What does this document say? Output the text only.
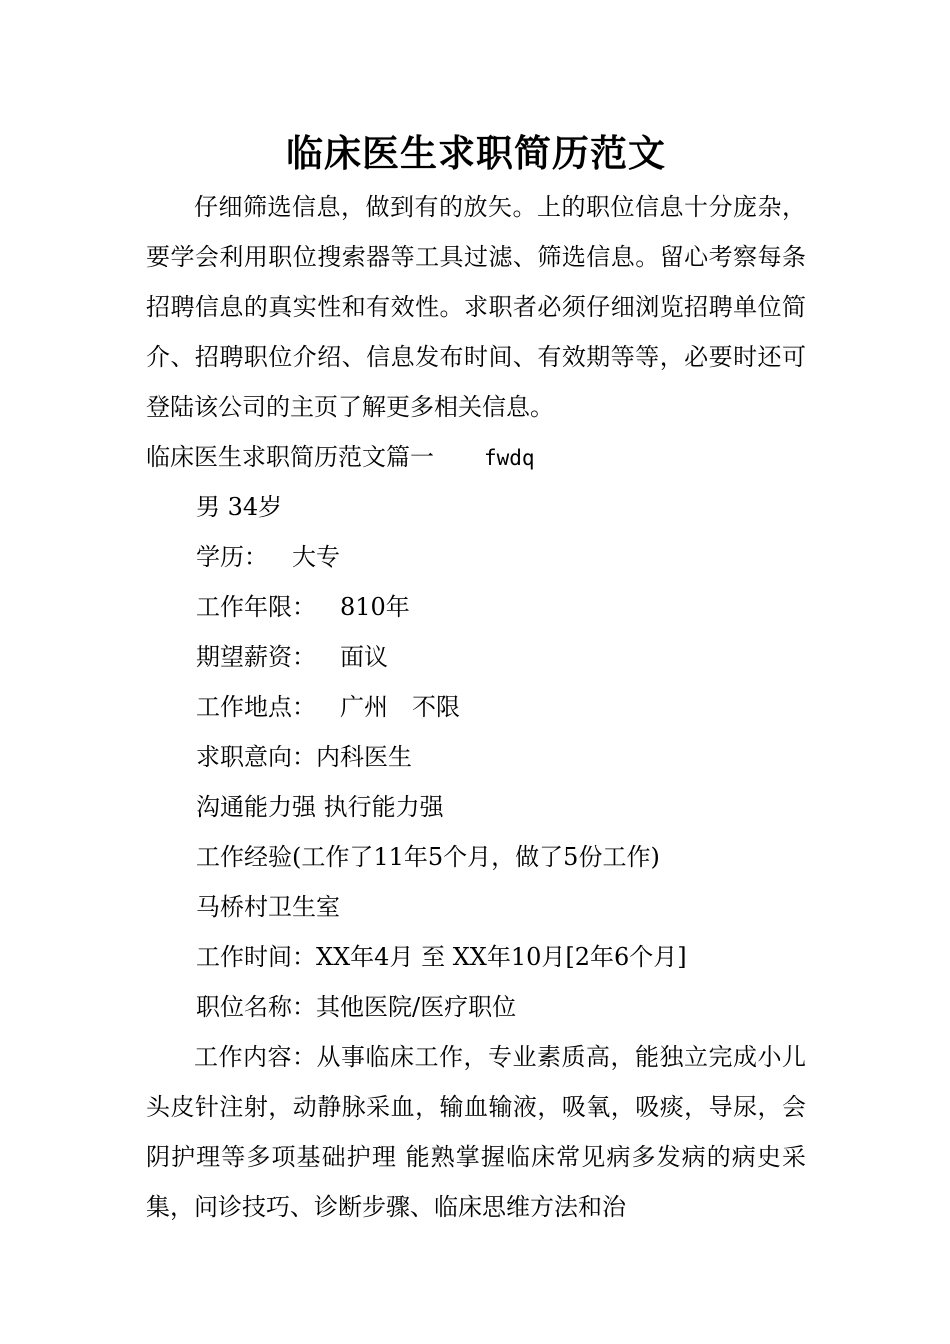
临床医生求职简历范文

仔细筛选信息，做到有的放矢。上的职位信息十分庞杂，要学会利用职位搜索器等工具过滤、筛选信息。留心考察每条招聘信息的真实性和有效性。求职者必须仔细浏览招聘单位简介、招聘职位介绍、信息发布时间、有效期等等，必要时还可登陆该公司的主页了解更多相关信息。

临床医生求职简历范文篇一 fwdq
男 34岁
学历： 大专
工作年限： 810年
期望薪资： 面议
工作地点： 广州 不限
求职意向：内科医生
沟通能力强 执行能力强
工作经验(工作了11年5个月，做了5份工作)
马桥村卫生室
工作时间：XX年4月 至 XX年10月[2年6个月]
职位名称：其他医院/医疗职位

工作内容：从事临床工作，专业素质高，能独立完成小儿头皮针注射，动静脉采血，输血输液，吸氧，吸痰，导尿，会阴护理等多项基础护理 能熟掌握临床常见病多发病的病史采集，问诊技巧、诊断步骤、临床思维方法和治
